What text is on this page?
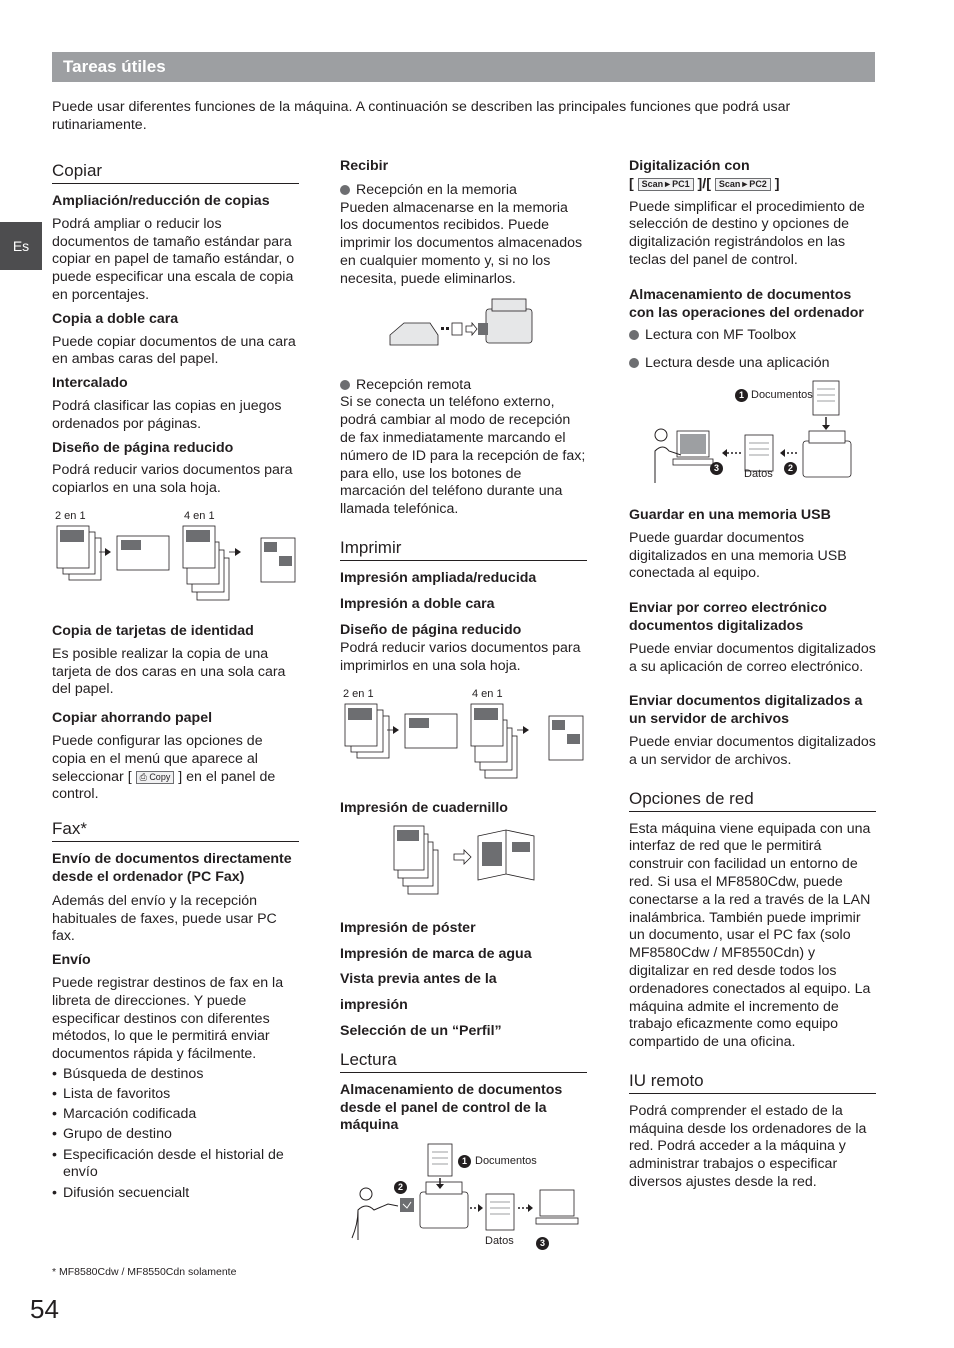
Tareas útiles
Puede usar diferentes funciones de la máquina. A continuación se describen las principales funciones que podrá usar rutinariamente.
Es
Copiar
Ampliación/reducción de copias

Podrá ampliar o reducir los documentos de tamaño estándar para copiar en papel de tamaño estándar, o puede especificar una escala de copia en porcentajes.

Copia a doble cara

Puede copiar documentos de una cara en ambas caras del papel.

Intercalado

Podrá clasificar las copias en juegos ordenados por páginas.

Diseño de página reducido

Podrá reducir varios documentos para copiarlos en una sola hoja.

2 en 1	4 en 1
Copia de tarjetas de identidad

Es posible realizar la copia de una tarjeta de dos caras en una sola cara del papel.

Copiar ahorrando papel

Puede configurar las opciones de copia en el menú que aparece al seleccionar [ ⎙ Copy ] en el panel de control.

Fax*
Envío de documentos directamente desde el ordenador (PC Fax)

Además del envío y la recepción habituales de faxes, puede usar PC fax.

Envío

Puede registrar destinos de fax en la libreta de direcciones. Y puede especificar destinos con diferentes métodos, lo que le permitirá enviar documentos rápida y fácilmente.

• Búsqueda de destinos
• Lista de favoritos
• Marcación codificada
• Grupo de destino
• Especificación desde el historial de envío
• Difusión secuencialt
Recibir

Recepción en la memoria

Pueden almacenarse en la memoria los documentos recibidos. Puede imprimir los documentos almacenados en cualquier momento y, si no los necesita, puede eliminarlos.

Recepción remota

Si se conecta un teléfono externo, podrá cambiar al modo de recepción de fax inmediatamente marcando el número de ID para la recepción de fax; para ello, use los botones de marcación del teléfono durante una llamada telefónica.

Imprimir
Impresión ampliada/reducida
Impresión a doble cara
Diseño de página reducido

Podrá reducir varios documentos para imprimirlos en una sola hoja.

2 en 1	4 en 1
Impresión de cuadernillo
Impresión de póster
Impresión de marca de agua
Vista previa antes de la
impresión
Selección de un “Perfil”
Lectura
Almacenamiento de documentos desde el panel de control de la máquina
1 Documentos
2
Datos	3
Digitalización con
[ Scan►PC1 ]/[ Scan►PC2 ]

Puede simplificar el procedimiento de selección de destino y opciones de digitalización registrándolos en las teclas del panel de control.

Almacenamiento de documentos con las operaciones del ordenador

Lectura con MF Toolbox

Lectura desde una aplicación

1 Documentos
2
3	Datos
Guardar en una memoria USB

Puede guardar documentos digitalizados en una memoria USB conectada al equipo.

Enviar por correo electrónico documentos digitalizados

Puede enviar documentos digitalizados a su aplicación de correo electrónico.

Enviar documentos digitalizados a un servidor de archivos

Puede enviar documentos digitalizados a un servidor de archivos.

Opciones de red

Esta máquina viene equipada con una interfaz de red que le permitirá construir con facilidad un entorno de red. Si usa el MF8580Cdw, puede conectarse a la red a través de la LAN inalámbrica. También puede imprimir un documento, usar el PC fax (solo MF8580Cdw / MF8550Cdn) y digitalizar en red desde todos los ordenadores conectados al equipo. La máquina admite el incremento de trabajo eficazmente como equipo compartido de una oficina.

IU remoto

Podrá comprender el estado de la máquina desde los ordenadores de la red. Podrá acceder a la máquina y administrar trabajos o especificar diversos ajustes desde la red.

* MF8580Cdw / MF8550Cdn solamente
54
